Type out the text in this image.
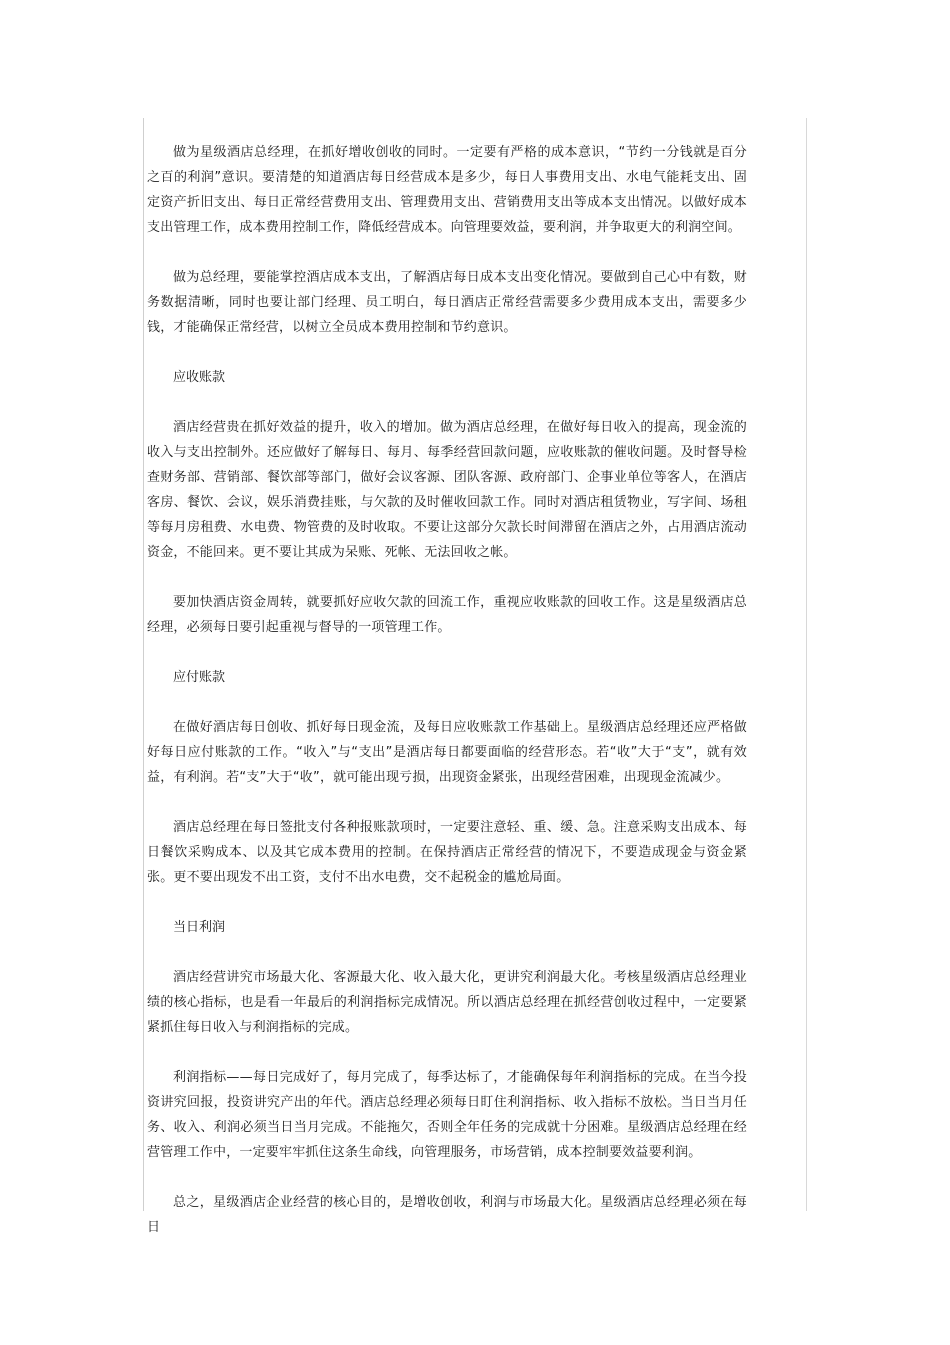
做为星级酒店总经理，在抓好增收创收的同时。一定要有严格的成本意识，“节约一分钱就是百分之百的利润”意识。要清楚的知道酒店每日经营成本是多少，每日人事费用支出、水电气能耗支出、固定资产折旧支出、每日正常经营费用支出、管理费用支出、营销费用支出等成本支出情况。以做好成本支出管理工作，成本费用控制工作，降低经营成本。向管理要效益，要利润，并争取更大的利润空间。

做为总经理，要能掌控酒店成本支出，了解酒店每日成本支出变化情况。要做到自己心中有数，财务数据清晰，同时也要让部门经理、员工明白，每日酒店正常经营需要多少费用成本支出，需要多少钱，才能确保正常经营，以树立全员成本费用控制和节约意识。

应收账款

酒店经营贵在抓好效益的提升，收入的增加。做为酒店总经理，在做好每日收入的提高，现金流的收入与支出控制外。还应做好了解每日、每月、每季经营回款问题，应收账款的催收问题。及时督导检查财务部、营销部、餐饮部等部门，做好会议客源、团队客源、政府部门、企事业单位等客人，在酒店客房、餐饮、会议，娱乐消费挂账，与欠款的及时催收回款工作。同时对酒店租赁物业，写字间、场租等每月房租费、水电费、物管费的及时收取。不要让这部分欠款长时间滞留在酒店之外，占用酒店流动资金，不能回来。更不要让其成为呆账、死帐、无法回收之帐。

要加快酒店资金周转，就要抓好应收欠款的回流工作，重视应收账款的回收工作。这是星级酒店总经理，必须每日要引起重视与督导的一项管理工作。

应付账款

在做好酒店每日创收、抓好每日现金流，及每日应收账款工作基础上。星级酒店总经理还应严格做好每日应付账款的工作。“收入”与“支出”是酒店每日都要面临的经营形态。若“收”大于“支”，就有效益，有利润。若“支”大于“收”，就可能出现亏损，出现资金紧张，出现经营困难，出现现金流减少。

酒店总经理在每日签批支付各种报账款项时，一定要注意轻、重、缓、急。注意采购支出成本、每日餐饮采购成本、以及其它成本费用的控制。在保持酒店正常经营的情况下，不要造成现金与资金紧张。更不要出现发不出工资，支付不出水电费，交不起税金的尴尬局面。

当日利润

酒店经营讲究市场最大化、客源最大化、收入最大化，更讲究利润最大化。考核星级酒店总经理业绩的核心指标，也是看一年最后的利润指标完成情况。所以酒店总经理在抓经营创收过程中，一定要紧紧抓住每日收入与利润指标的完成。

利润指标——每日完成好了，每月完成了，每季达标了，才能确保每年利润指标的完成。在当今投资讲究回报，投资讲究产出的年代。酒店总经理必须每日盯住利润指标、收入指标不放松。当日当月任务、收入、利润必须当日当月完成。不能拖欠，否则全年任务的完成就十分困难。星级酒店总经理在经营管理工作中，一定要牢牢抓住这条生命线，向管理服务，市场营销，成本控制要效益要利润。

总之，星级酒店企业经营的核心目的，是增收创收，利润与市场最大化。星级酒店总经理必须在每日
